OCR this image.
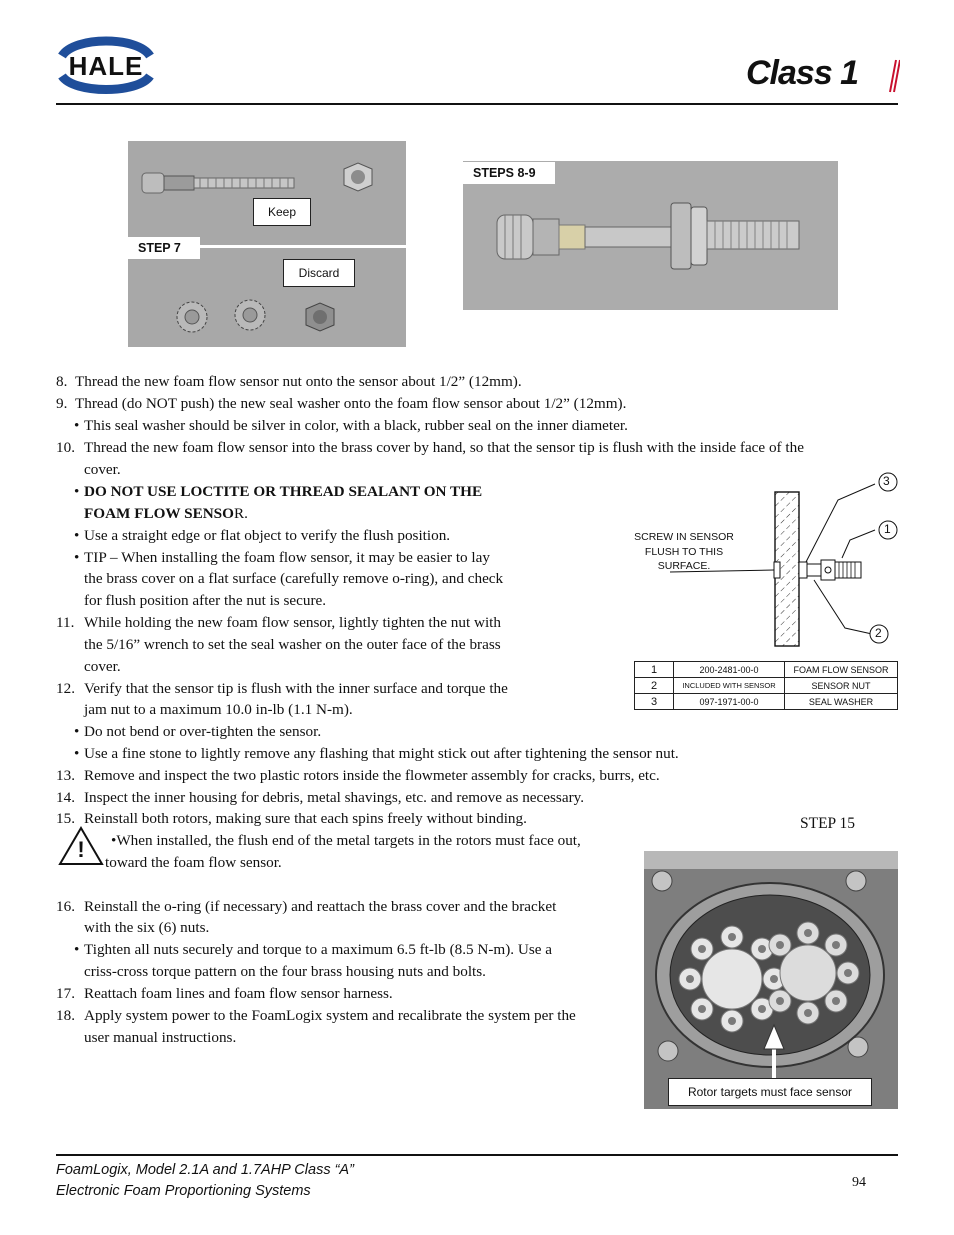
HALE	Class 1
Keep
STEP 7
Discard
STEPS 8-9
3
1
2
SCREW IN SENSOR
FLUSH TO THIS
SURFACE.
1	200-2481-00-0	FOAM FLOW SENSOR
2	INCLUDED WITH SENSOR	SENSOR NUT
3	097-1971-00-0	SEAL WASHER
8. Thread the new foam flow sensor nut onto the sensor about 1/2” (12mm).
9. Thread (do NOT push) the new seal washer onto the foam flow sensor about 1/2” (12mm).
• This seal washer should be silver in color, with a black, rubber seal on the inner diameter.
10. Thread the new foam flow sensor into the brass cover by hand, so that the sensor tip is flush with the inside face of the
cover.
• DO NOT USE LOCTITE OR THREAD SEALANT ON THE
FOAM FLOW SENSOR.
• Use a straight edge or flat object to verify the flush position.
• TIP – When installing the foam flow sensor, it may be easier to lay
the brass cover on a flat surface (carefully remove o-ring), and check
for flush position after the nut is secure.
11. While holding the new foam flow sensor, lightly tighten the nut with
the 5/16” wrench to set the seal washer on the outer face of the brass
cover.
12. Verify that the sensor tip is flush with the inner surface and torque the
jam nut to a maximum 10.0 in-lb (1.1 N-m).
• Do not bend or over-tighten the sensor.
• Use a fine stone to lightly remove any flashing that might stick out after tightening the sensor nut.
13. Remove and inspect the two plastic rotors inside the flowmeter assembly for cracks, burrs, etc.
14. Inspect the inner housing for debris, metal shavings, etc. and remove as necessary.
15. Reinstall both rotors, making sure that each spins freely without binding.
!	•When installed, the flush end of the metal targets in the rotors must face out,
toward the foam flow sensor.
16. Reinstall the o-ring (if necessary) and reattach the brass cover and the bracket
with the six (6) nuts.
• Tighten all nuts securely and torque to a maximum 6.5 ft-lb (8.5 N-m). Use a
criss-cross torque pattern on the four brass housing nuts and bolts.
17. Reattach foam lines and foam flow sensor harness.
18. Apply system power to the FoamLogix system and recalibrate the system per the
user manual instructions.
STEP 15
Rotor targets must face sensor
FoamLogix, Model 2.1A and 1.7AHP Class “A”
Electronic Foam Proportioning Systems
94
